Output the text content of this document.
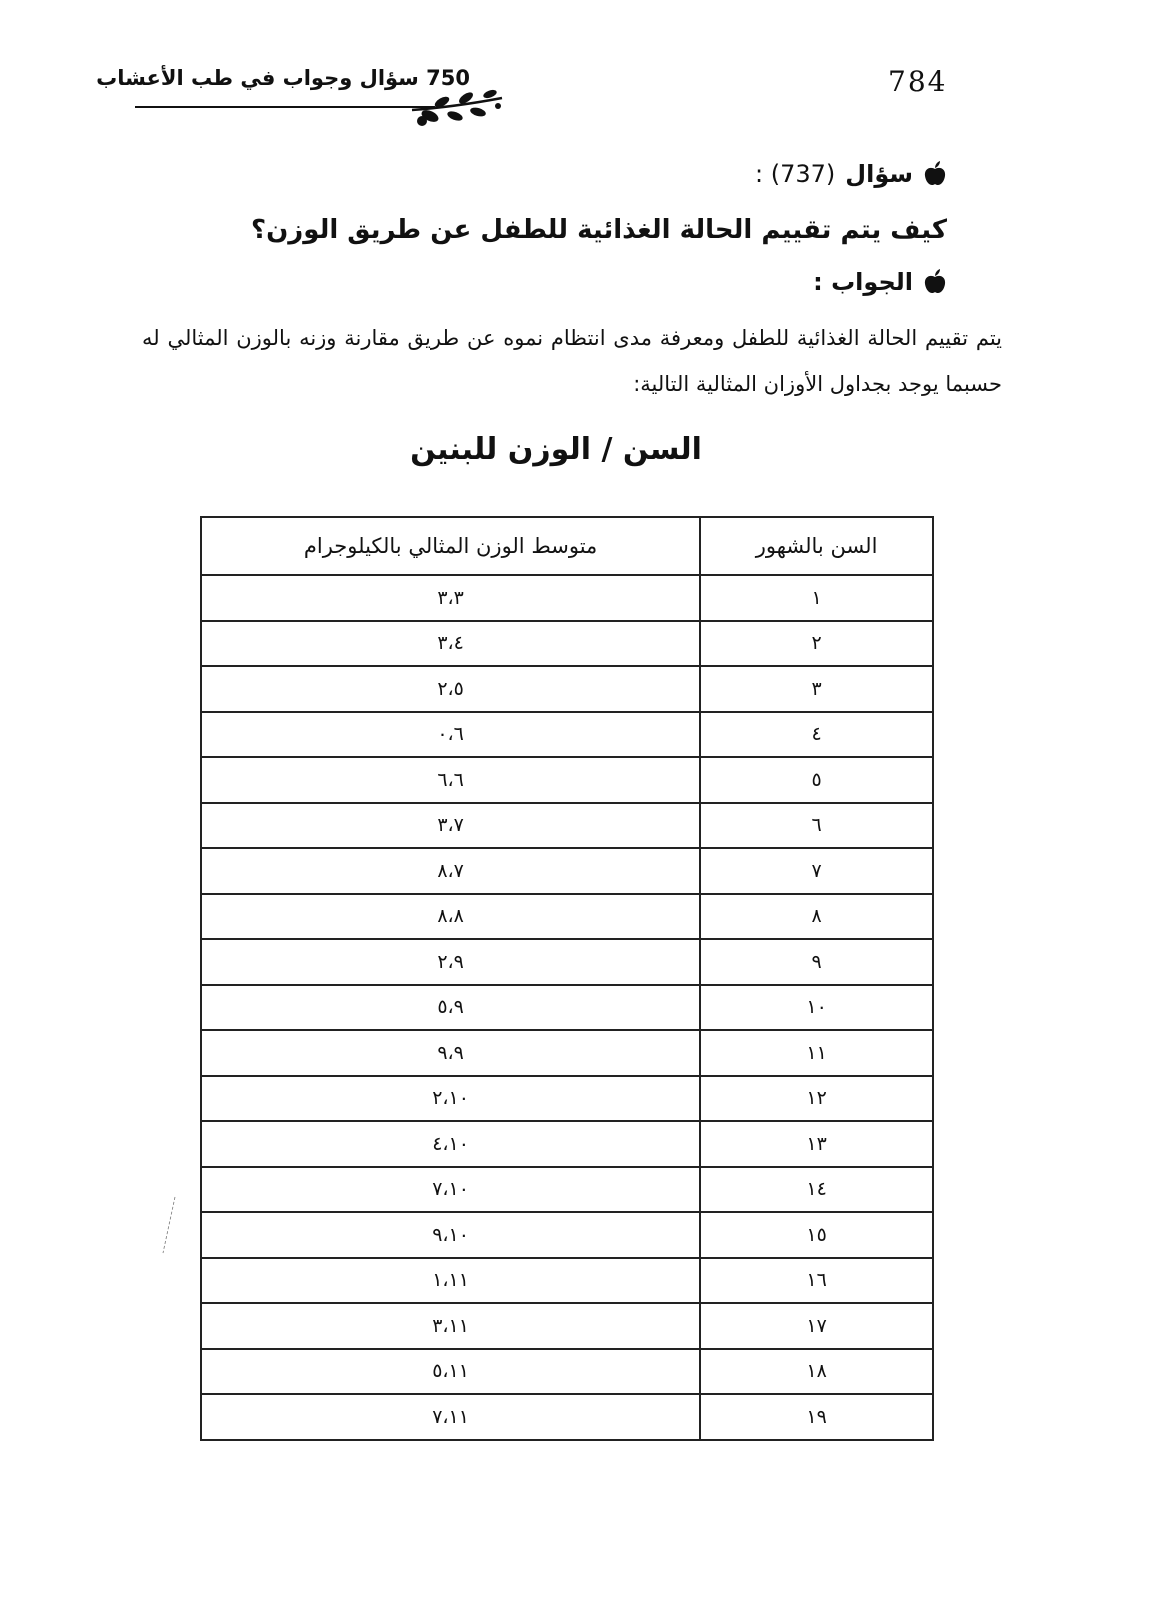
784
750 سؤال وجواب في طب الأعشاب
سؤال
(737) :
كيف يتم تقييم الحالة الغذائية للطفل عن طريق الوزن؟
الجواب :
يتم تقييم الحالة الغذائية للطفل ومعرفة مدى انتظام نموه عن طريق مقارنة وزنه بالوزن المثالي له حسبما يوجد بجداول الأوزان المثالية التالية:
السن / الوزن للبنين
السن بالشهور	متوسط الوزن المثالي بالكيلوجرام
١	٣،٣
٢	٣،٤
٣	٢،٥
٤	٠،٦
٥	٦،٦
٦	٣،٧
٧	٨،٧
٨	٨،٨
٩	٢،٩
١٠	٥،٩
١١	٩،٩
١٢	٢،١٠
١٣	٤،١٠
١٤	٧،١٠
١٥	٩،١٠
١٦	١،١١
١٧	٣،١١
١٨	٥،١١
١٩	٧،١١
